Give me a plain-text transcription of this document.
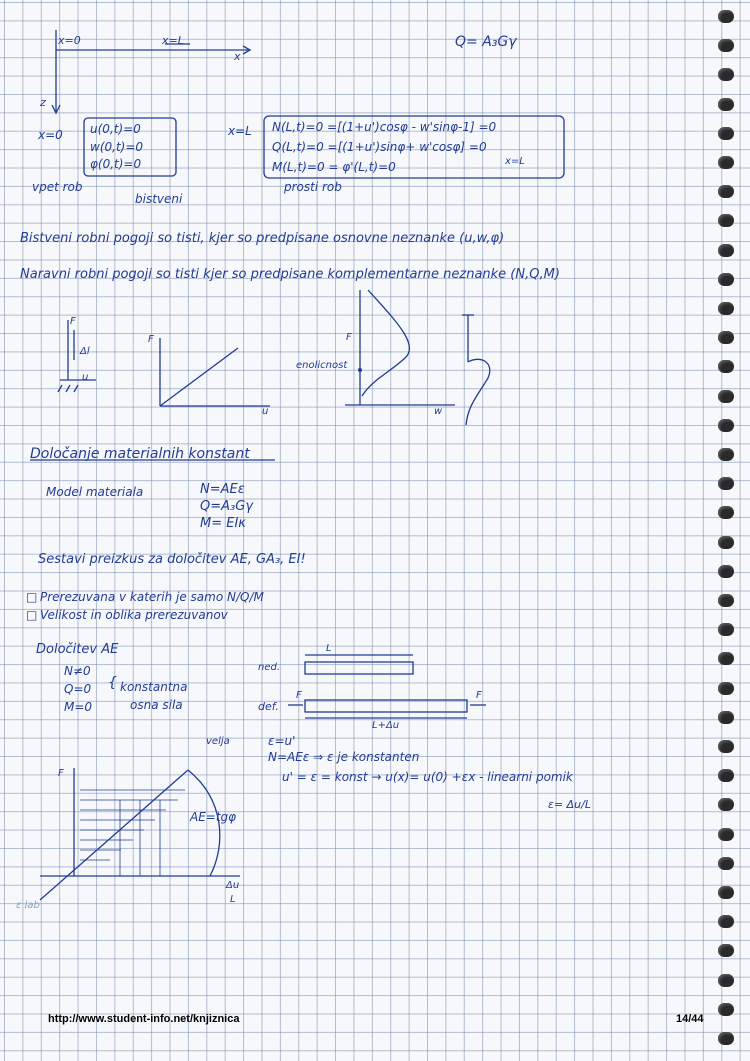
x=0	x=L
x
z
Q= A₃Gγ
x=0 u(0,t)=0
w(0,t)=0
φ(0,t)=0
x=L N(L,t)=0 =[(1+u')cosφ - w'sinφ-1] =0
Q(L,t)=0 =[(1+u')sinφ+ w'cosφ] =0
M(L,t)=0 = φ'(L,t)=0	x=L
vpet rob
bistveni
prosti rob
Bistveni robni pogoji so tisti, kjer so predpisane osnovne neznanke (u,w,φ)
Naravni robni pogoji so tisti kjer so predpisane komplementarne neznanke (N,Q,M)
F
Δl
u
F
u
F
enolicnost
w
Določanje materialnih konstant
Model materiala	N=AEε
Q=A₃Gγ
M= EIκ
Sestavi preizkus za določitev AE, GA₃, EI!
□ Prerezuvana v katerih je samo N/Q/M
□ Velikost in oblika prerezuvanov
Določitev AE
N≠0
Q=0
M=0
{ konstantna
osna sila
ned.
def.
L
L+Δu
F	F
velja	ε=u'
N=AEε ⇒ ε je konstanten
u' = ε = konst → u(x)= u(0) +εx - linearni pomik
ε= Δu/L
F
AE=tgφ
Δu
L
ε lab
http://www.student-info.net/knjiznica	14/44
